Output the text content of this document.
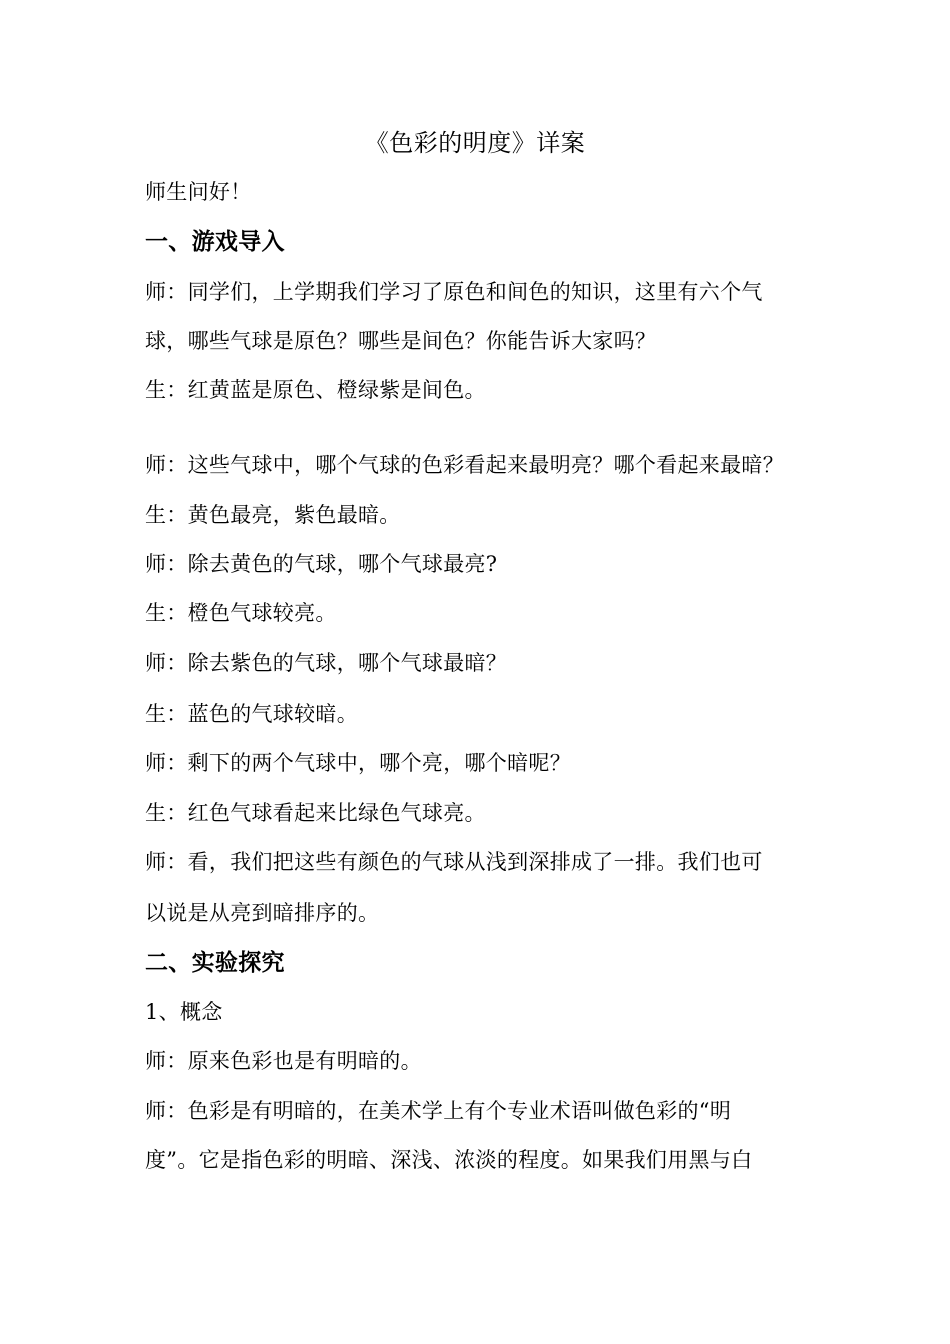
《色彩的明度》详案
师生问好！
一、游戏导入
师：同学们，上学期我们学习了原色和间色的知识，这里有六个气
球，哪些气球是原色？哪些是间色？你能告诉大家吗？
生：红黄蓝是原色、橙绿紫是间色。
师：这些气球中，哪个气球的色彩看起来最明亮？哪个看起来最暗？
生：黄色最亮，紫色最暗。
师：除去黄色的气球，哪个气球最亮?
生：橙色气球较亮。
师：除去紫色的气球，哪个气球最暗？
生：蓝色的气球较暗。
师：剩下的两个气球中，哪个亮，哪个暗呢？
生：红色气球看起来比绿色气球亮。
师：看，我们把这些有颜色的气球从浅到深排成了一排。我们也可
以说是从亮到暗排序的。
二、实验探究
1、概念
师：原来色彩也是有明暗的。
师：色彩是有明暗的，在美术学上有个专业术语叫做色彩的“明
度”。它是指色彩的明暗、深浅、浓淡的程度。如果我们用黑与白
